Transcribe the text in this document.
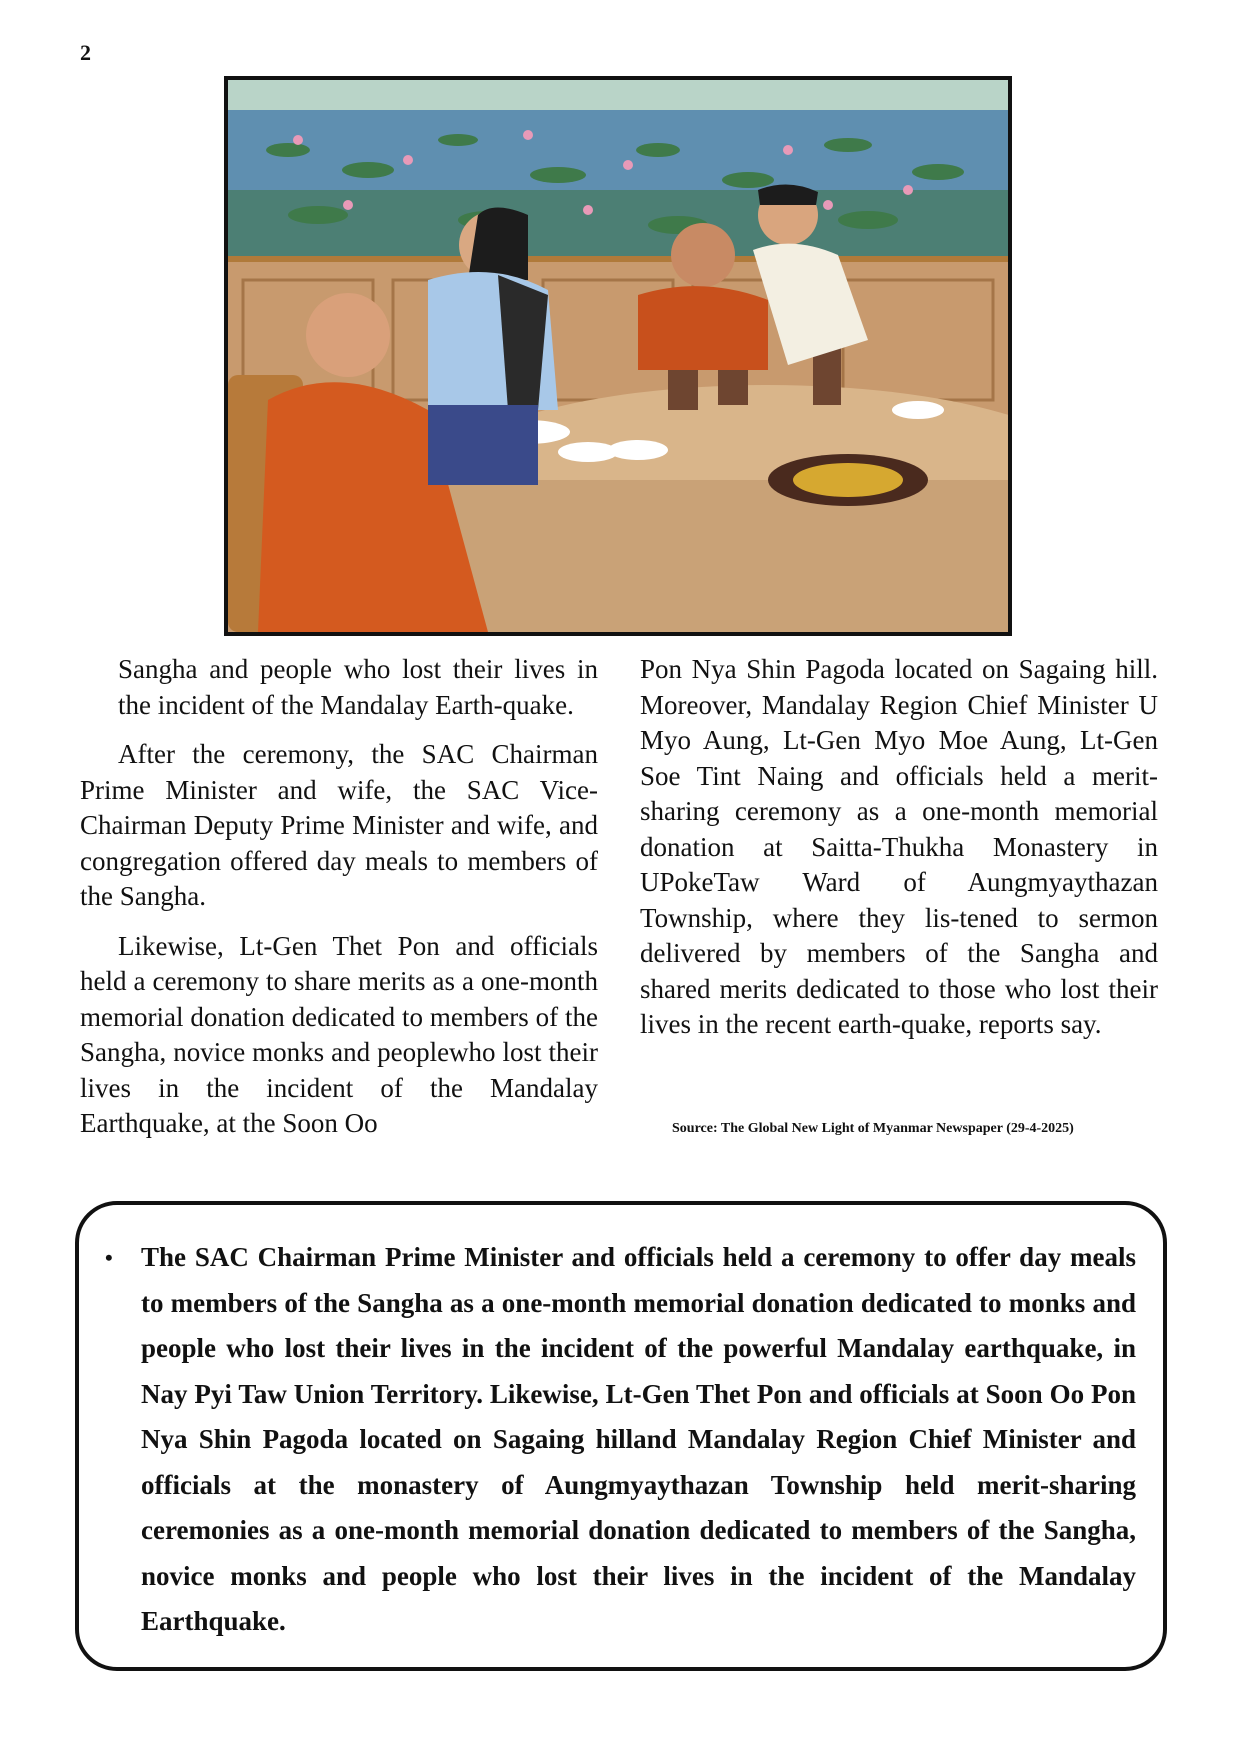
2

Sangha and people who lost their lives in the incident of the Mandalay Earth-quake.

After the ceremony, the SAC Chairman Prime Minister and wife, the SAC Vice-Chairman Deputy Prime Minister and wife, and congregation offered day meals to members of the Sangha.

Likewise, Lt-Gen Thet Pon and officials held a ceremony to share merits as a one-month memorial donation dedicated to members of the Sangha, novice monks and peoplewho lost their lives in the incident of the Mandalay Earthquake, at the Soon Oo

Pon Nya Shin Pagoda located on Sagaing hill. Moreover, Mandalay Region Chief Minister U Myo Aung, Lt-Gen Myo Moe Aung, Lt-Gen Soe Tint Naing and officials held a merit-sharing ceremony as a one-month memorial donation at Saitta-Thukha Monastery in UPokeTaw Ward of Aungmyaythazan Township, where they lis-tened to sermon delivered by members of the Sangha and shared merits dedicated to those who lost their lives in the recent earth-quake, reports say.

Source: The Global New Light of Myanmar Newspaper (29-4-2025)
• The SAC Chairman Prime Minister and officials held a ceremony to offer day meals to members of the Sangha as a one-month memorial donation dedicated to monks and people who lost their lives in the incident of the powerful Mandalay earthquake, in Nay Pyi Taw Union Territory. Likewise, Lt-Gen Thet Pon and officials at Soon Oo Pon Nya Shin Pagoda located on Sagaing hilland Mandalay Region Chief Minister and officials at the monastery of Aungmyaythazan Township held merit-sharing ceremonies as a one-month memorial donation dedicated to members of the Sangha, novice monks and people who lost their lives in the incident of the Mandalay Earthquake.
